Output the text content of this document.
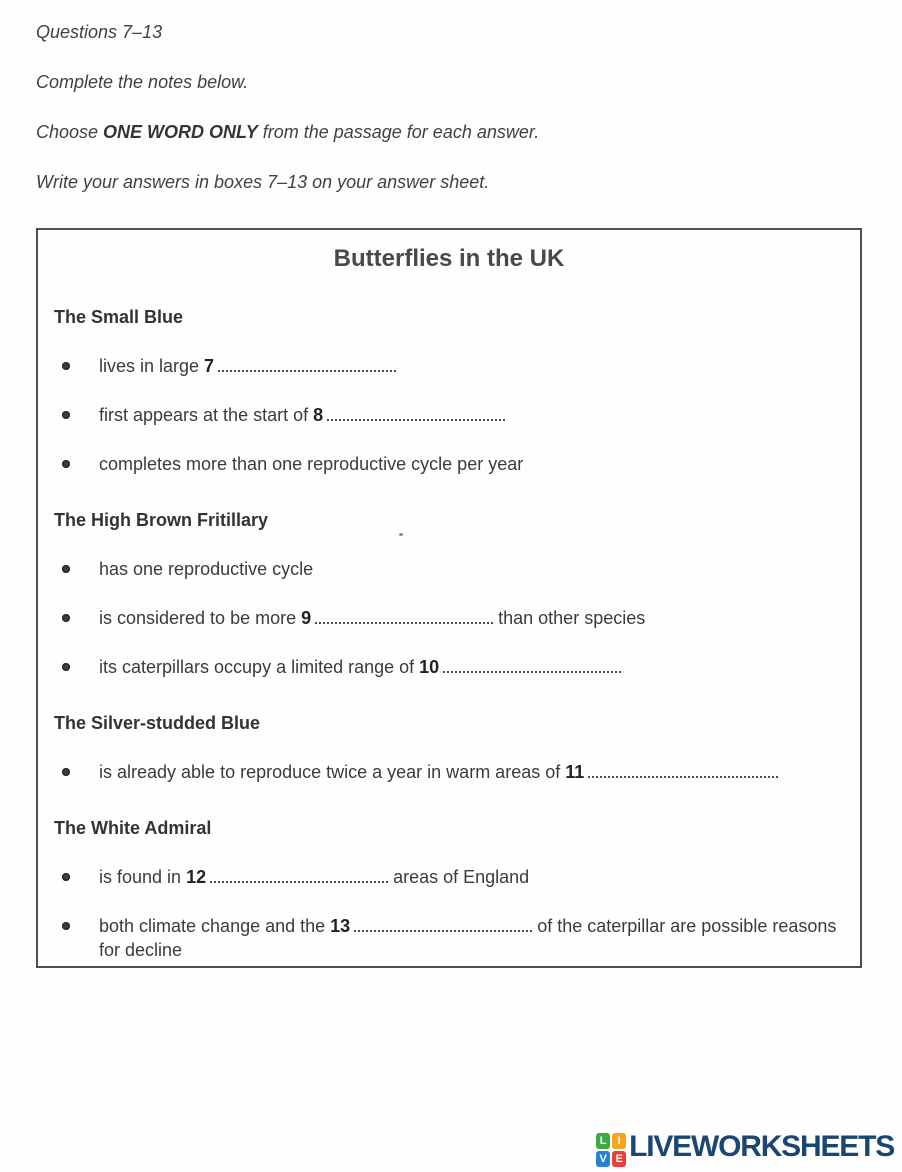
Questions 7–13

Complete the notes below.

Choose ONE WORD ONLY from the passage for each answer.

Write your answers in boxes 7–13 on your answer sheet.

Butterflies in the UK
The Small Blue
lives in large 7
first appears at the start of 8
completes more than one reproductive cycle per year
The High Brown Fritillary
has one reproductive cycle
is considered to be more 9	than other species
its caterpillars occupy a limited range of 10
The Silver-studded Blue
is already able to reproduce twice a year in warm areas of 11
The White Admiral
is found in 12	areas of England
both climate change and the 13	of the caterpillar are possible reasons for decline
L	I
V E LIVEWORKSHEETS
